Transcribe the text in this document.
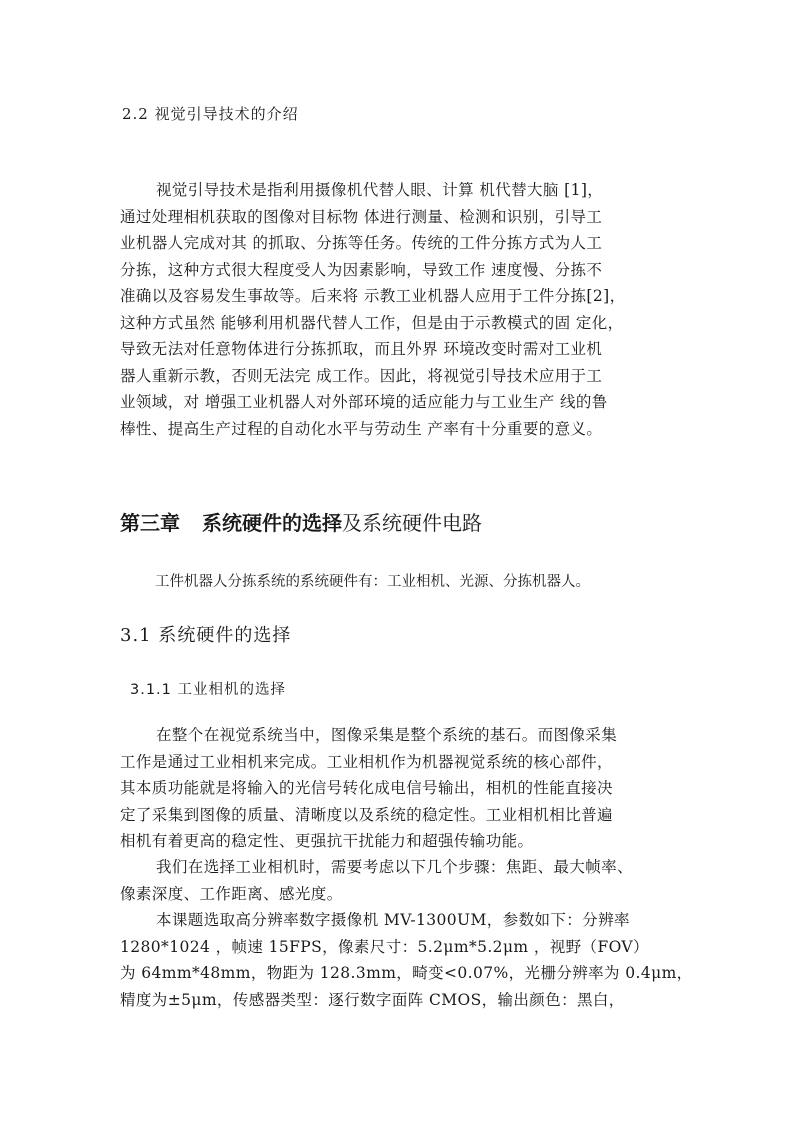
2.2 视觉引导技术的介绍
视觉引导技术是指利用摄像机代替人眼、计算 机代替大脑 [1]，
通过处理相机获取的图像对目标物 体进行测量、检测和识别，引导工
业机器人完成对其 的抓取、分拣等任务。传统的工件分拣方式为人工
分拣，这种方式很大程度受人为因素影响，导致工作 速度慢、分拣不
准确以及容易发生事故等。后来将 示教工业机器人应用于工件分拣[2]，
这种方式虽然 能够利用机器代替人工作，但是由于示教模式的固 定化，
导致无法对任意物体进行分拣抓取，而且外界 环境改变时需对工业机
器人重新示教，否则无法完 成工作。因此，将视觉引导技术应用于工
业领域，对 增强工业机器人对外部环境的适应能力与工业生产 线的鲁
棒性、提高生产过程的自动化水平与劳动生 产率有十分重要的意义。
第三章 系统硬件的选择及系统硬件电路
工件机器人分拣系统的系统硬件有：工业相机、光源、分拣机器人。
3.1 系统硬件的选择
3.1.1 工业相机的选择
在整个在视觉系统当中，图像采集是整个系统的基石。而图像采集
工作是通过工业相机来完成。工业相机作为机器视觉系统的核心部件，
其本质功能就是将输入的光信号转化成电信号输出，相机的性能直接决
定了采集到图像的质量、清晰度以及系统的稳定性。工业相机相比普遍
相机有着更高的稳定性、更强抗干扰能力和超强传输功能。
我们在选择工业相机时，需要考虑以下几个步骤：焦距、最大帧率、
像素深度、工作距离、感光度。
本课题选取高分辨率数字摄像机 MV-1300UM，参数如下：分辨率
1280*1024 ，帧速 15FPS，像素尺寸：5.2μm*5.2μm ，视野（FOV）
为 64mm*48mm，物距为 128.3mm，畸变<0.07%，光栅分辨率为 0.4μm，
精度为±5μm，传感器类型：逐行数字面阵 CMOS，输出颜色：黑白，
